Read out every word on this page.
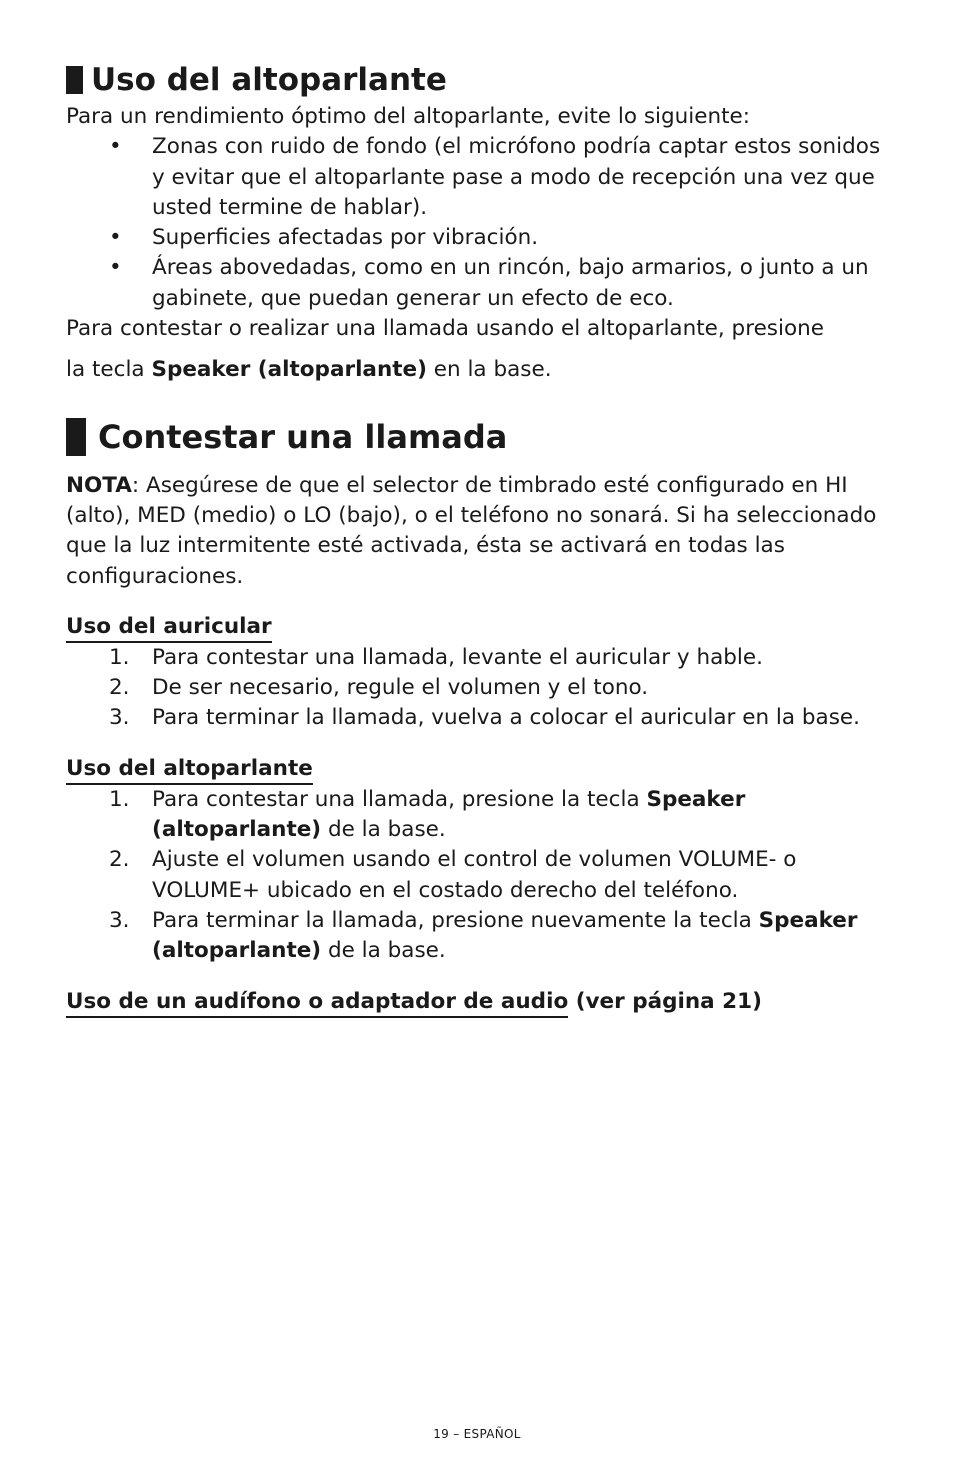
Uso del altoparlante

Para un rendimiento óptimo del altoparlante, evite lo siguiente:

• Zonas con ruido de fondo (el micrófono podría captar estos sonidos y evitar que el altoparlante pase a modo de recepción una vez que usted termine de hablar).
• Superficies afectadas por vibración.
• Áreas abovedadas, como en un rincón, bajo armarios, o junto a un gabinete, que puedan generar un efecto de eco.

Para contestar o realizar una llamada usando el altoparlante, presione

la tecla Speaker (altoparlante) en la base.

Contestar una llamada

NOTA: Asegúrese de que el selector de timbrado esté configurado en HI (alto), MED (medio) o LO (bajo), o el teléfono no sonará. Si ha seleccionado que la luz intermitente esté activada, ésta se activará en todas las configuraciones.

Uso del auricular
1. Para contestar una llamada, levante el auricular y hable.
2. De ser necesario, regule el volumen y el tono.
3. Para terminar la llamada, vuelva a colocar el auricular en la base.
Uso del altoparlante
1. Para contestar una llamada, presione la tecla Speaker (altoparlante) de la base.
2. Ajuste el volumen usando el control de volumen VOLUME- o VOLUME+ ubicado en el costado derecho del teléfono.
3. Para terminar la llamada, presione nuevamente la tecla Speaker (altoparlante) de la base.
Uso de un audífono o adaptador de audio (ver página 21)
19 – ESPAÑOL
